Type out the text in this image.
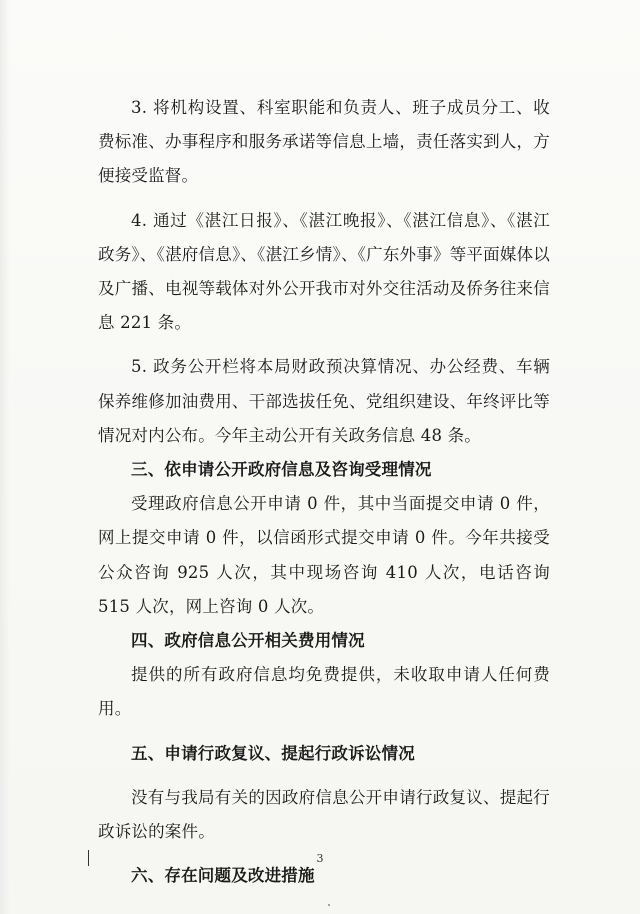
3. 将机构设置、科室职能和负责人、班子成员分工、收费标准、办事程序和服务承诺等信息上墙，责任落实到人，方便接受监督。

4. 通过《湛江日报》、《湛江晚报》、《湛江信息》、《湛江政务》、《湛府信息》、《湛江乡情》、《广东外事》等平面媒体以及广播、电视等载体对外公开我市对外交往活动及侨务往来信息 221 条。

5. 政务公开栏将本局财政预决算情况、办公经费、车辆保养维修加油费用、干部选拔任免、党组织建设、年终评比等情况对内公布。今年主动公开有关政务信息 48 条。

三、依申请公开政府信息及咨询受理情况

受理政府信息公开申请 0 件，其中当面提交申请 0 件，网上提交申请 0 件，以信函形式提交申请 0 件。今年共接受公众咨询 925 人次，其中现场咨询 410 人次，电话咨询 515 人次，网上咨询 0 人次。

四、政府信息公开相关费用情况

提供的所有政府信息均免费提供，未收取申请人任何费用。

五、申请行政复议、提起行政诉讼情况

没有与我局有关的因政府信息公开申请行政复议、提起行政诉讼的案件。

六、存在问题及改进措施

3
